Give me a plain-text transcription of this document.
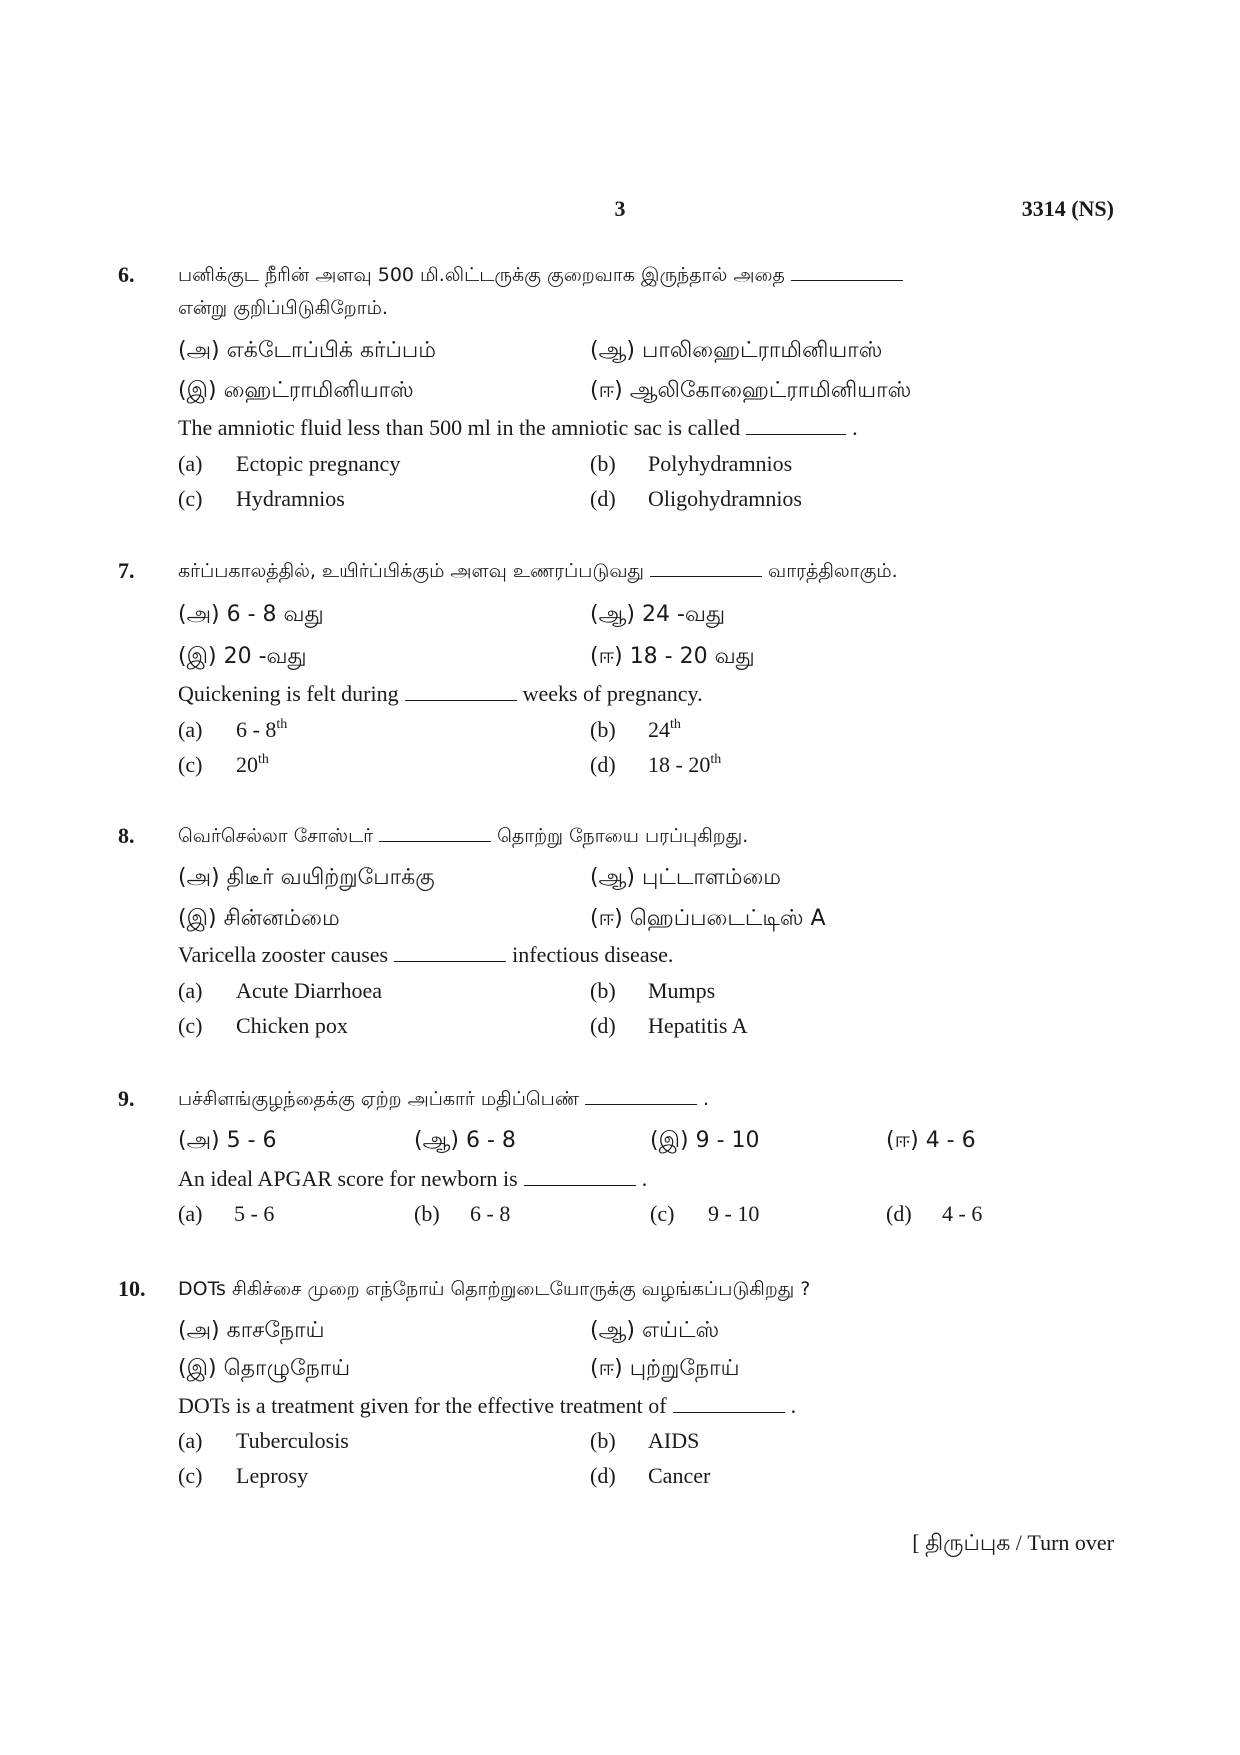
3	3314 (NS)
6. பனிக்குட நீரின் அளவு 500 மி.லிட்டருக்கு குறைவாக இருந்தால் அதை
என்று குறிப்பிடுகிறோம்.
(அ) எக்டோப்பிக் கர்ப்பம்	(ஆ) பாலிஹைட்ராமினியாஸ்
(இ) ஹைட்ராமினியாஸ்	(ஈ) ஆலிகோஹைட்ராமினியாஸ்
The amniotic fluid less than 500 ml in the amniotic sac is called	.
(a) Ectopic pregnancy	(b) Polyhydramnios
(c) Hydramnios	(d) Oligohydramnios
7. கர்ப்பகாலத்தில், உயிர்ப்பிக்கும் அளவு உணரப்படுவது	வாரத்திலாகும்.
(அ) 6 - 8 வது	(ஆ) 24 -வது
(இ) 20 -வது	(ஈ) 18 - 20 வது
Quickening is felt during	weeks of pregnancy.
(a) 6 - 8th	(b) 24th
(c) 20th	(d) 18 - 20th
8. வெர்செல்லா சோஸ்டர்	தொற்று நோயை பரப்புகிறது.
(அ) திடீர் வயிற்றுபோக்கு	(ஆ) புட்டாளம்மை
(இ) சின்னம்மை	(ஈ) ஹெப்படைட்டிஸ் A
Varicella zooster causes	infectious disease.
(a) Acute Diarrhoea	(b) Mumps
(c) Chicken pox	(d) Hepatitis A
9. பச்சிளங்குழந்தைக்கு ஏற்ற அப்கார் மதிப்பெண்	.
(அ) 5 - 6	(ஆ) 6 - 8	(இ) 9 - 10	(ஈ) 4 - 6
An ideal APGAR score for newborn is	.
(a) 5 - 6	(b) 6 - 8	(c) 9 - 10	(d) 4 - 6
10. DOTs சிகிச்சை முறை எந்நோய் தொற்றுடையோருக்கு வழங்கப்படுகிறது ?
(அ) காசநோய்	(ஆ) எய்ட்ஸ்
(இ) தொழுநோய்	(ஈ) புற்றுநோய்
DOTs is a treatment given for the effective treatment of	.
(a) Tuberculosis	(b) AIDS
(c) Leprosy	(d) Cancer
[ திருப்புக / Turn over
